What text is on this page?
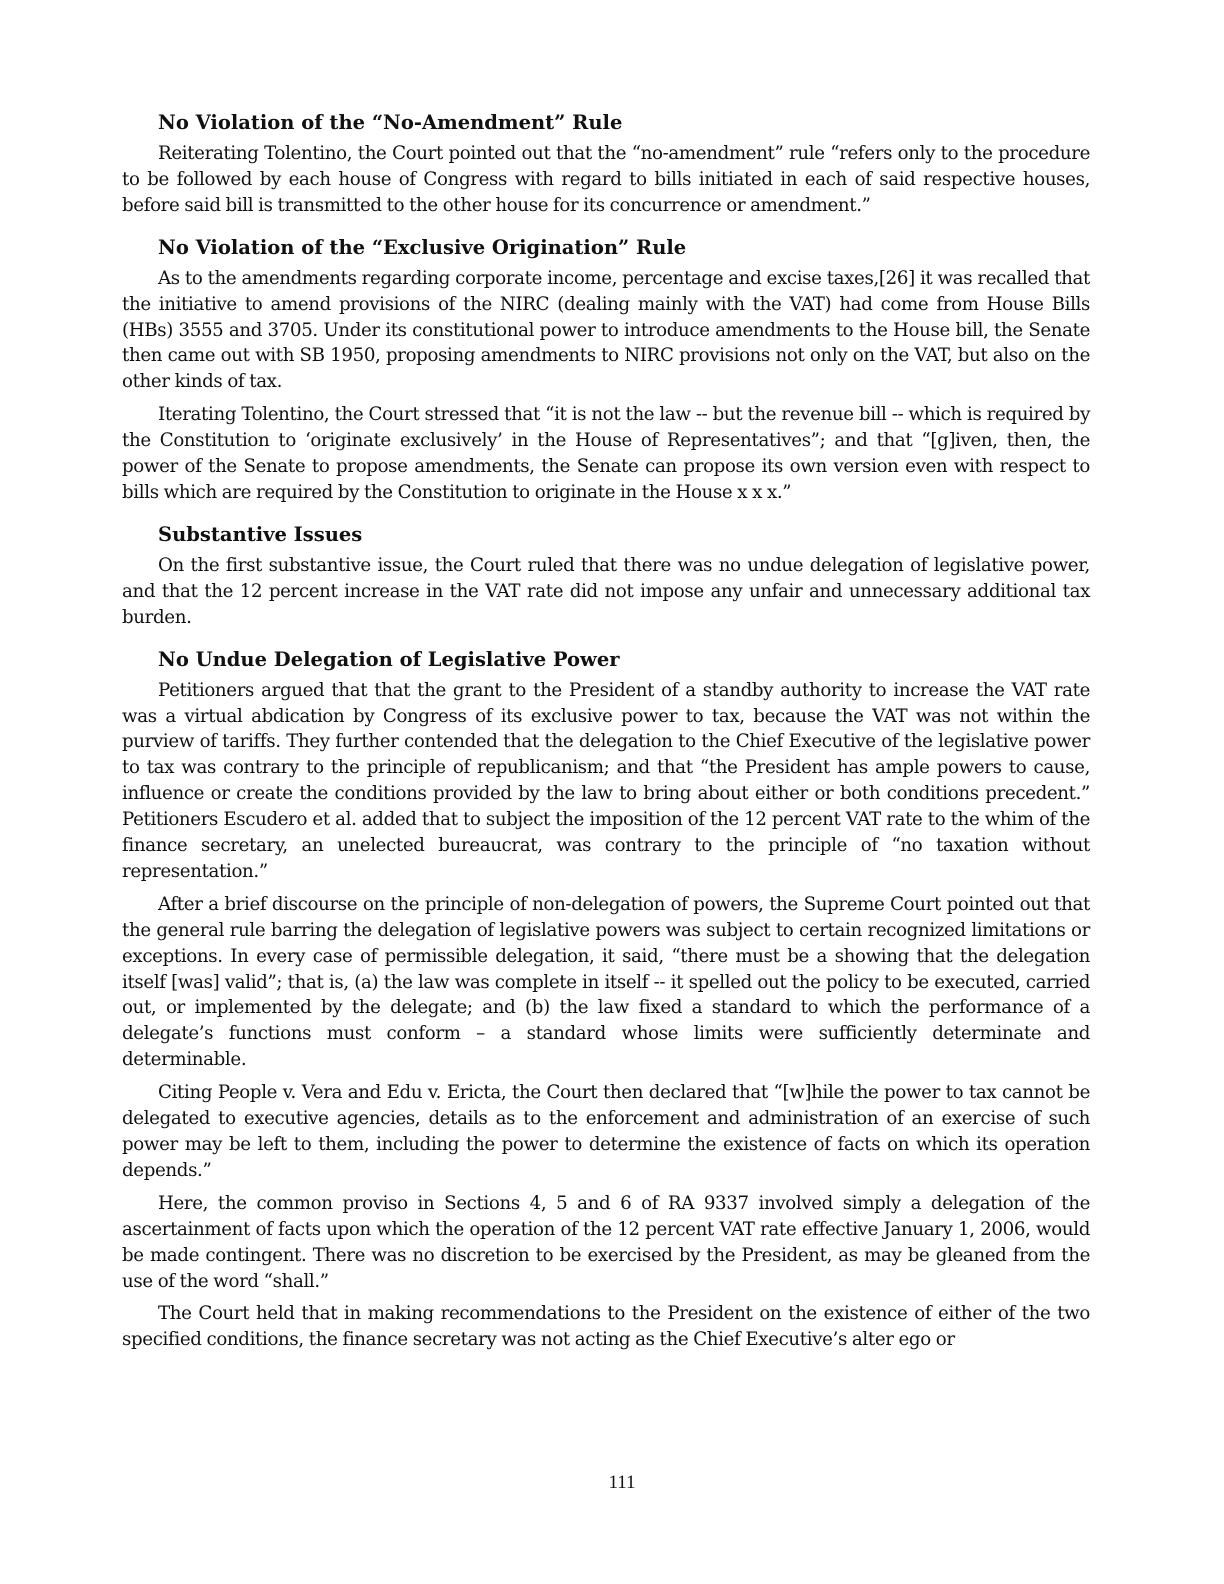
No Violation of the “No-Amendment” Rule

Reiterating Tolentino, the Court pointed out that the “no-amendment” rule “refers only to the procedure to be followed by each house of Congress with regard to bills initiated in each of said respective houses, before said bill is transmitted to the other house for its concurrence or amendment.”

No Violation of the “Exclusive Origination” Rule

As to the amendments regarding corporate income, percentage and excise taxes,[26] it was recalled that the initiative to amend provisions of the NIRC (dealing mainly with the VAT) had come from House Bills (HBs) 3555 and 3705. Under its constitutional power to introduce amendments to the House bill, the Senate then came out with SB 1950, proposing amendments to NIRC provisions not only on the VAT, but also on the other kinds of tax.

Iterating Tolentino, the Court stressed that “it is not the law -- but the revenue bill -- which is required by the Constitution to ‘originate exclusively’ in the House of Representatives”; and that “[g]iven, then, the power of the Senate to propose amendments, the Senate can propose its own version even with respect to bills which are required by the Constitution to originate in the House x x x.”

Substantive Issues

On the first substantive issue, the Court ruled that there was no undue delegation of legislative power, and that the 12 percent increase in the VAT rate did not impose any unfair and unnecessary additional tax burden.

No Undue Delegation of Legislative Power

Petitioners argued that that the grant to the President of a standby authority to increase the VAT rate was a virtual abdication by Congress of its exclusive power to tax, because the VAT was not within the purview of tariffs. They further contended that the delegation to the Chief Executive of the legislative power to tax was contrary to the principle of republicanism; and that “the President has ample powers to cause, influence or create the conditions provided by the law to bring about either or both conditions precedent.” Petitioners Escudero et al. added that to subject the imposition of the 12 percent VAT rate to the whim of the finance secretary, an unelected bureaucrat, was contrary to the principle of “no taxation without representation.”

After a brief discourse on the principle of non-delegation of powers, the Supreme Court pointed out that the general rule barring the delegation of legislative powers was subject to certain recognized limitations or exceptions. In every case of permissible delegation, it said, “there must be a showing that the delegation itself [was] valid”; that is, (a) the law was complete in itself -- it spelled out the policy to be executed, carried out, or implemented by the delegate; and (b) the law fixed a standard to which the performance of a delegate’s functions must conform – a standard whose limits were sufficiently determinate and determinable.

Citing People v. Vera and Edu v. Ericta, the Court then declared that “[w]hile the power to tax cannot be delegated to executive agencies, details as to the enforcement and administration of an exercise of such power may be left to them, including the power to determine the existence of facts on which its operation depends.”

Here, the common proviso in Sections 4, 5 and 6 of RA 9337 involved simply a delegation of the ascertainment of facts upon which the operation of the 12 percent VAT rate effective January 1, 2006, would be made contingent. There was no discretion to be exercised by the President, as may be gleaned from the use of the word “shall.”

The Court held that in making recommendations to the President on the existence of either of the two specified conditions, the finance secretary was not acting as the Chief Executive’s alter ego or

111
